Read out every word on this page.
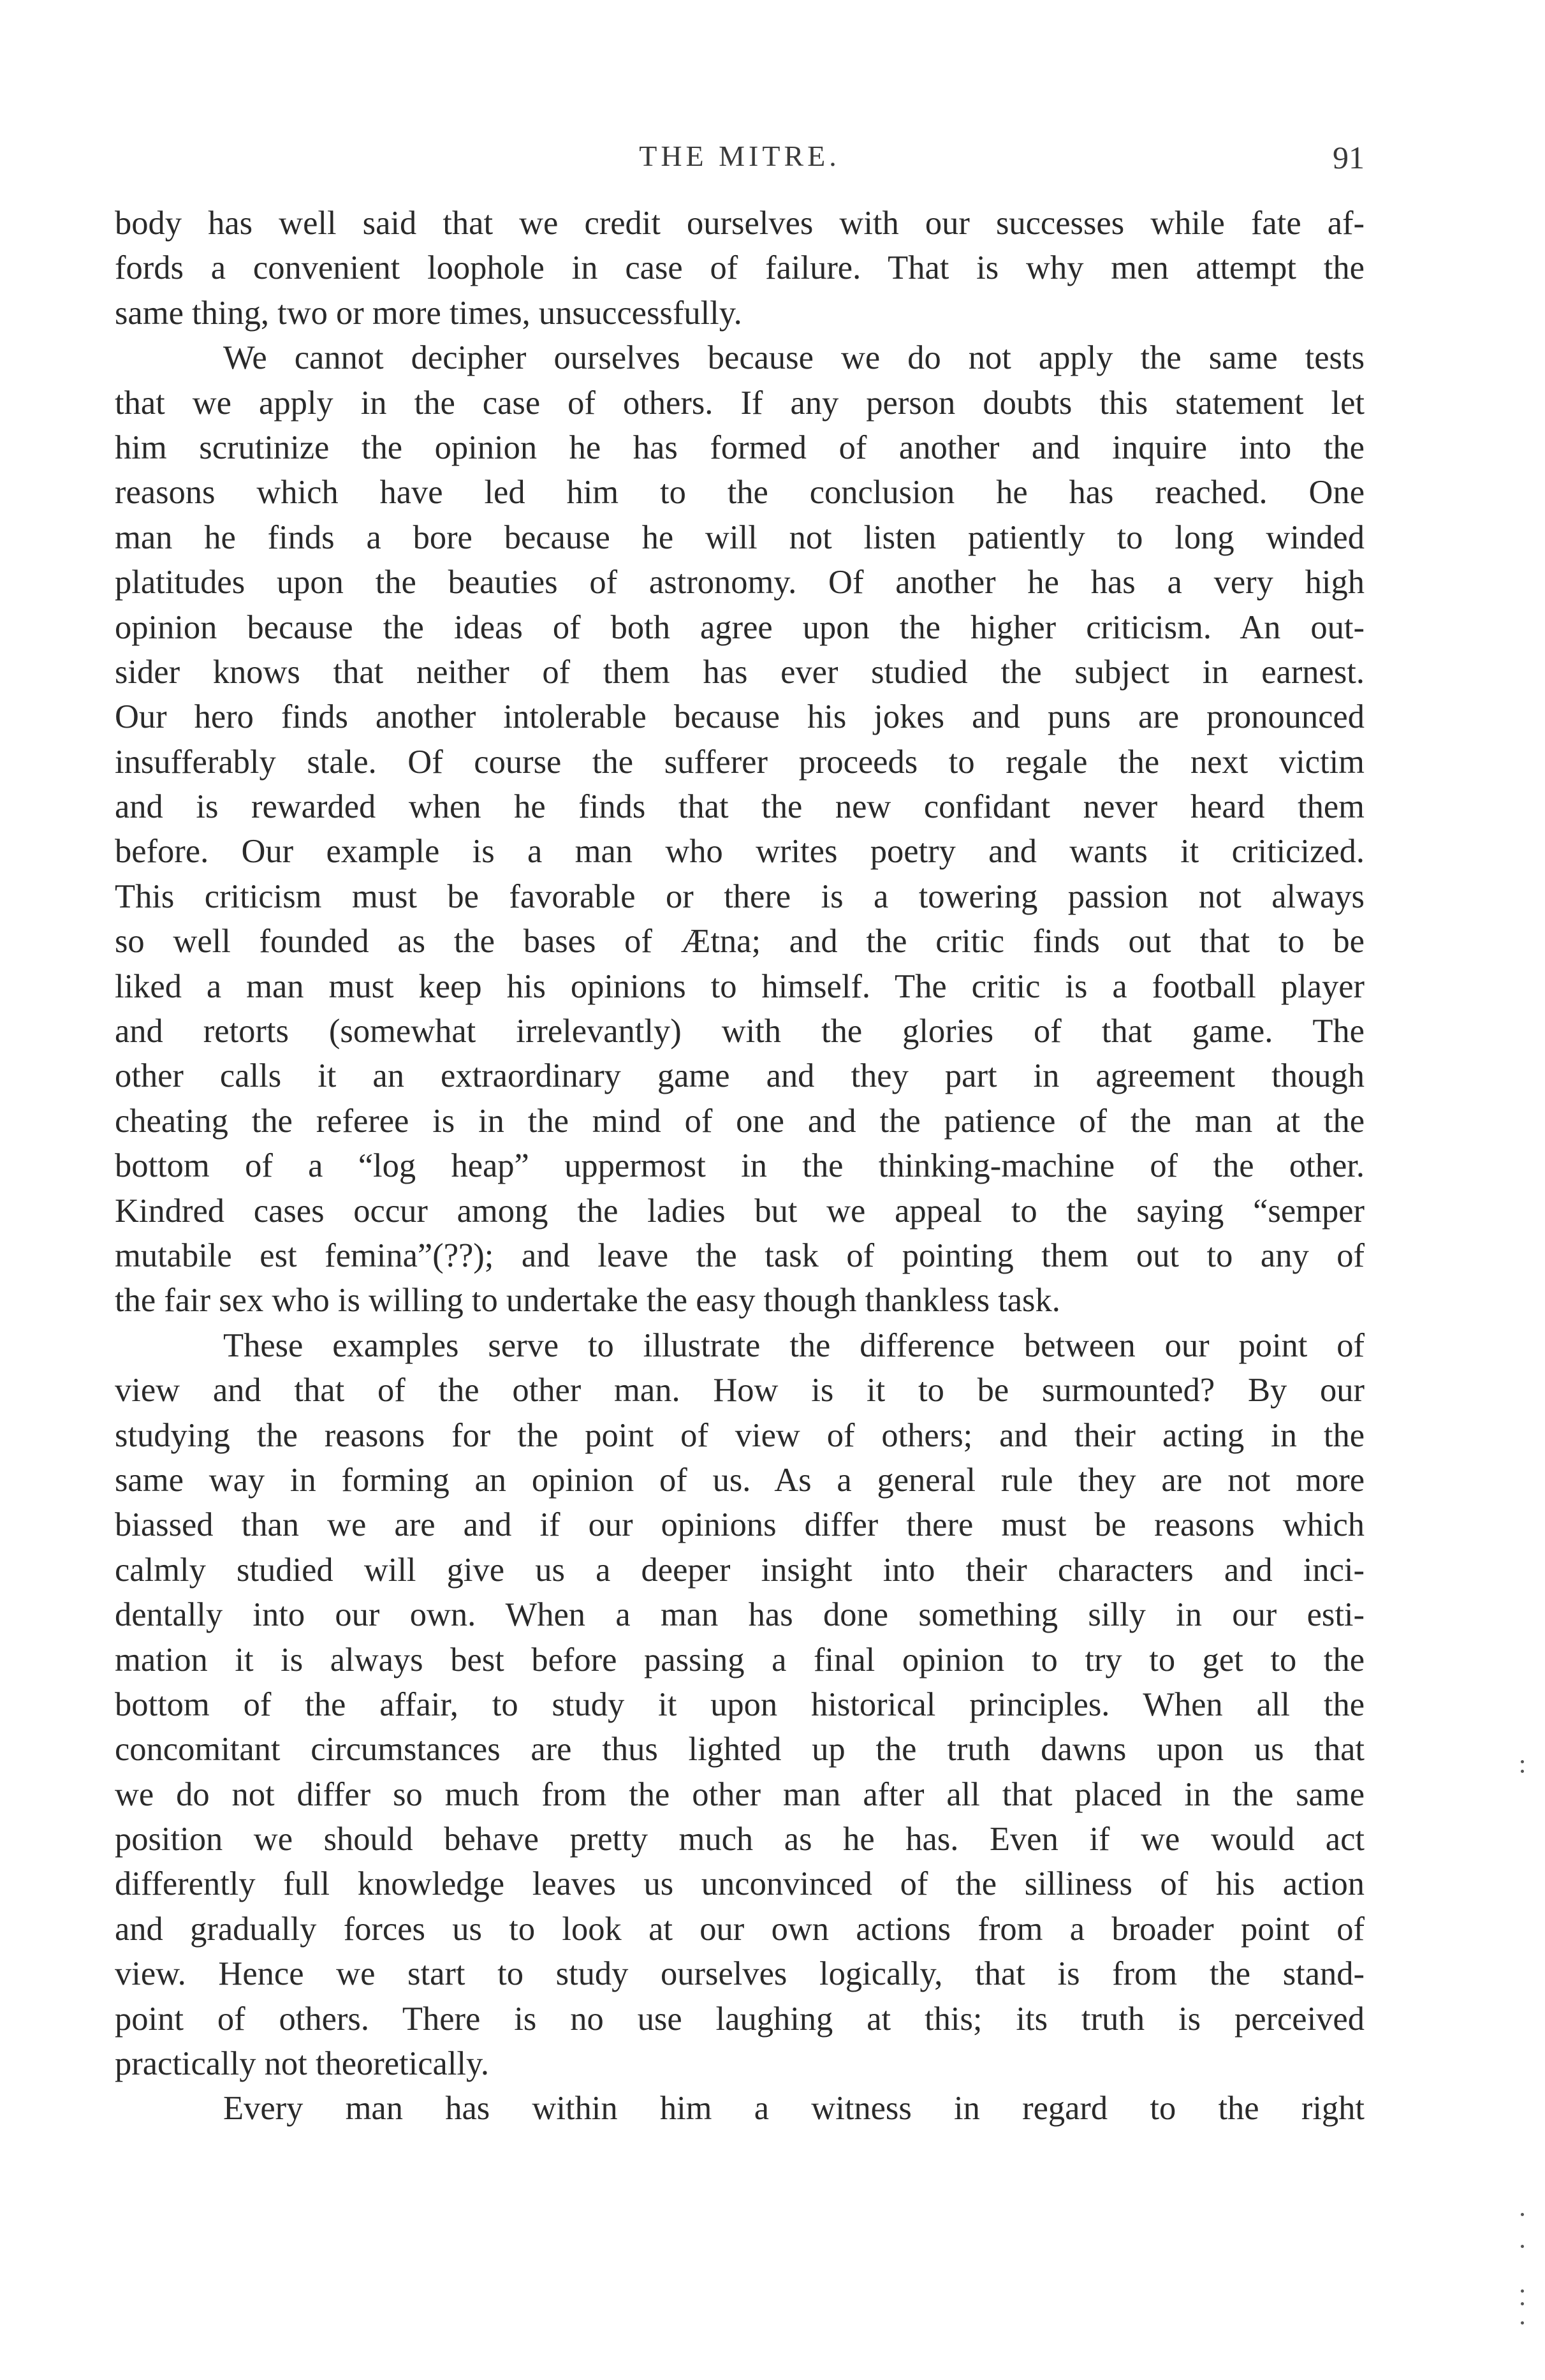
THE MITRE.	91
body has well said that we credit ourselves with our successes while fate af-
fords a convenient loophole in case of failure. That is why men attempt the
same thing, two or more times, unsuccessfully.
We cannot decipher ourselves because we do not apply the same tests
that we apply in the case of others. If any person doubts this statement let
him scrutinize the opinion he has formed of another and inquire into the
reasons which have led him to the conclusion he has reached. One
man he finds a bore because he will not listen patiently to long winded
platitudes upon the beauties of astronomy. Of another he has a very high
opinion because the ideas of both agree upon the higher criticism. An out-
sider knows that neither of them has ever studied the subject in earnest.
Our hero finds another intolerable because his jokes and puns are pronounced
insufferably stale. Of course the sufferer proceeds to regale the next victim
and is rewarded when he finds that the new confidant never heard them
before. Our example is a man who writes poetry and wants it criticized.
This criticism must be favorable or there is a towering passion not always
so well founded as the bases of Ætna; and the critic finds out that to be
liked a man must keep his opinions to himself. The critic is a football player
and retorts (somewhat irrelevantly) with the glories of that game. The
other calls it an extraordinary game and they part in agreement though
cheating the referee is in the mind of one and the patience of the man at the
bottom of a “log heap” uppermost in the thinking-machine of the other.
Kindred cases occur among the ladies but we appeal to the saying “semper
mutabile est femina”(??); and leave the task of pointing them out to any of
the fair sex who is willing to undertake the easy though thankless task.
These examples serve to illustrate the difference between our point of
view and that of the other man. How is it to be surmounted? By our
studying the reasons for the point of view of others; and their acting in the
same way in forming an opinion of us. As a general rule they are not more
biassed than we are and if our opinions differ there must be reasons which
calmly studied will give us a deeper insight into their characters and inci-
dentally into our own. When a man has done something silly in our esti-
mation it is always best before passing a final opinion to try to get to the
bottom of the affair, to study it upon historical principles. When all the
concomitant circumstances are thus lighted up the truth dawns upon us that
we do not differ so much from the other man after all that placed in the same
position we should behave pretty much as he has. Even if we would act
differently full knowledge leaves us unconvinced of the silliness of his action
and gradually forces us to look at our own actions from a broader point of
view. Hence we start to study ourselves logically, that is from the stand-
point of others. There is no use laughing at this; its truth is perceived
practically not theoretically.
Every man has within him a witness in regard to the right
